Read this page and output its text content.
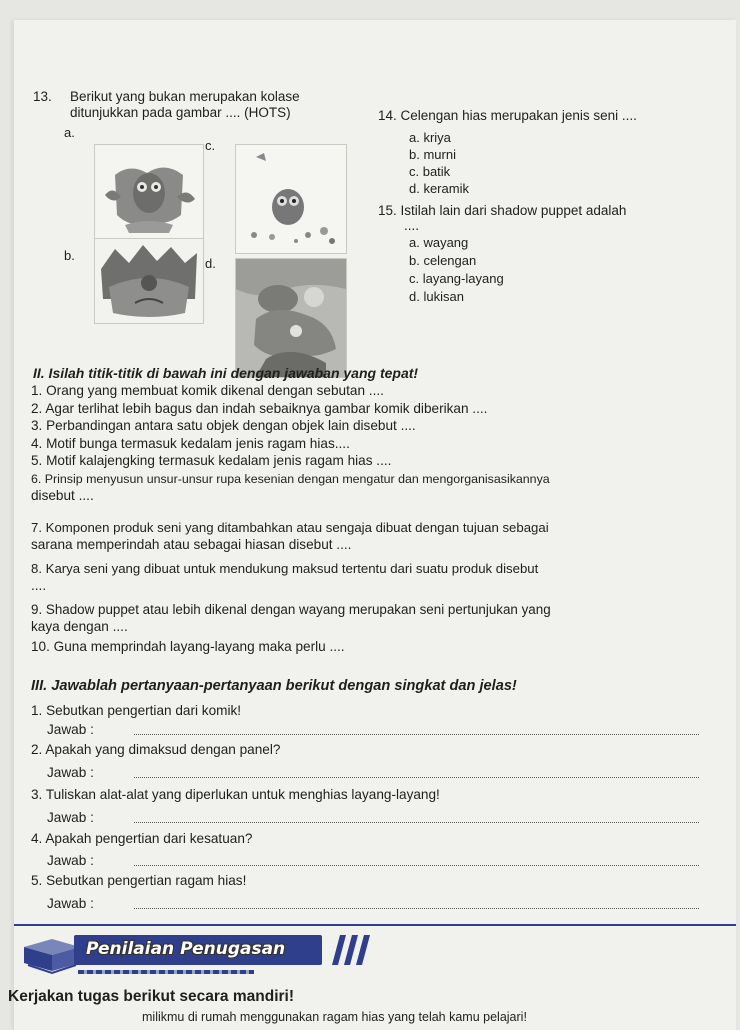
13. Berikut yang bukan merupakan kolase
ditunjukkan pada gambar .... (HOTS)
a.
c.
b.
d.
14. Celengan hias merupakan jenis seni ....
a. kriya
b. murni
c. batik
d. keramik
15. Istilah lain dari shadow puppet adalah
....
a. wayang
b. celengan
c. layang-layang
d. lukisan
II. Isilah titik-titik di bawah ini dengan jawaban yang tepat!
1. Orang yang membuat komik dikenal dengan sebutan ....
2. Agar terlihat lebih bagus dan indah sebaiknya gambar komik diberikan ....
3. Perbandingan antara satu objek dengan objek lain disebut ....
4. Motif bunga termasuk kedalam jenis ragam hias....
5. Motif kalajengking termasuk kedalam jenis ragam hias ....
6. Prinsip menyusun unsur-unsur rupa kesenian dengan mengatur dan mengorganisasikannya
disebut ....
7. Komponen produk seni yang ditambahkan atau sengaja dibuat dengan tujuan sebagai
sarana memperindah atau sebagai hiasan disebut ....
8. Karya seni yang dibuat untuk mendukung maksud tertentu dari suatu produk disebut
....
9. Shadow puppet atau lebih dikenal dengan wayang merupakan seni pertunjukan yang
kaya dengan ....
10. Guna memprindah layang-layang maka perlu ....
III. Jawablah pertanyaan-pertanyaan berikut dengan singkat dan jelas!
1. Sebutkan pengertian dari komik!
Jawab :
2. Apakah yang dimaksud dengan panel?
Jawab :
3. Tuliskan alat-alat yang diperlukan untuk menghias layang-layang!
Jawab :
4. Apakah pengertian dari kesatuan?
Jawab :
5. Sebutkan pengertian ragam hias!
Jawab :
Penilaian Penugasan
Kerjakan tugas berikut secara mandiri!
milikmu di rumah menggunakan ragam hias yang telah kamu pelajari!
